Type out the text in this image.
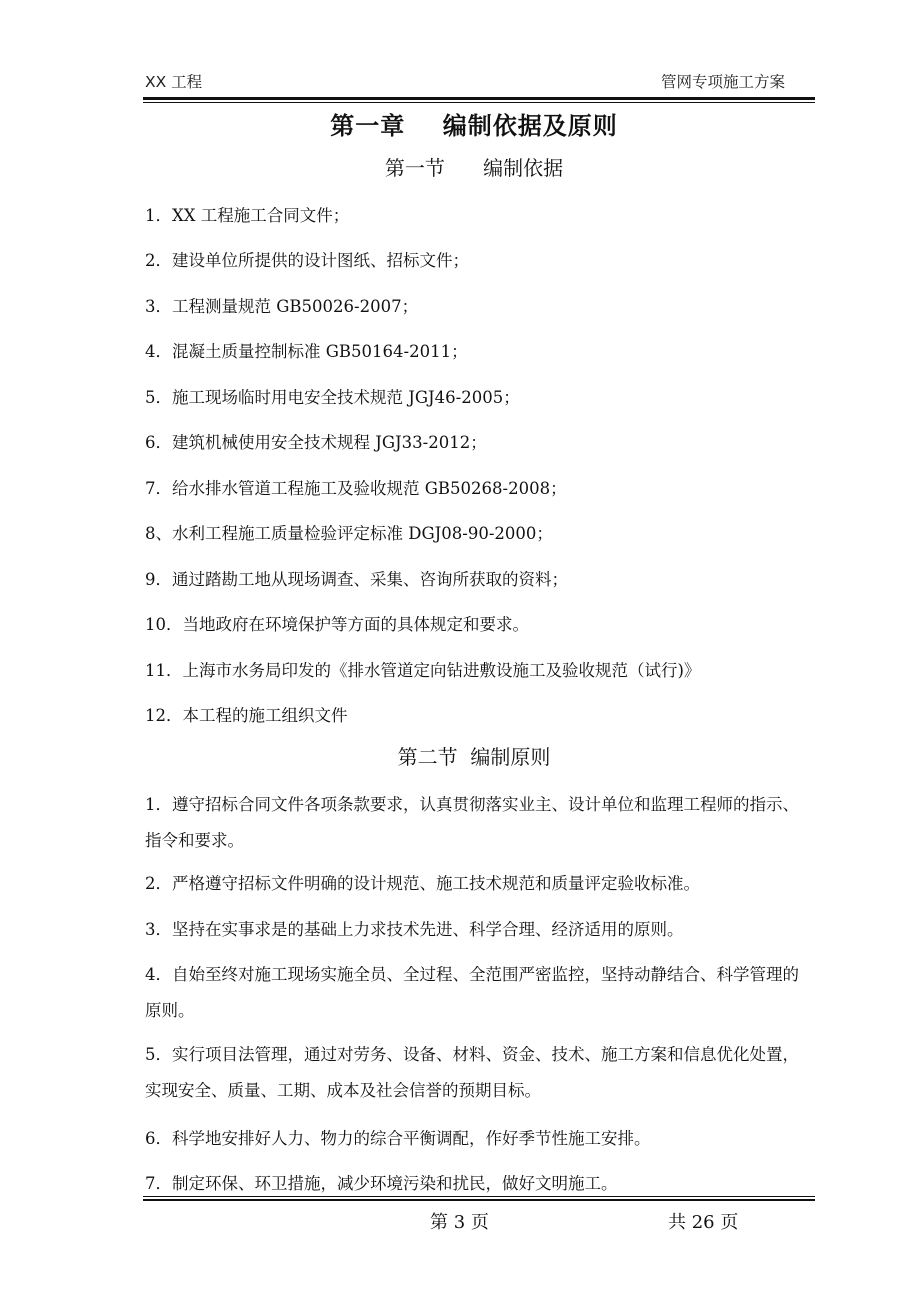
XX 工程	管网专项施工方案
第一章    编制依据及原则
第一节      编制依据

1．XX 工程施工合同文件；

2．建设单位所提供的设计图纸、招标文件；

3．工程测量规范 GB50026-2007；

4．混凝土质量控制标准 GB50164-2011；

5．施工现场临时用电安全技术规范 JGJ46-2005；

6．建筑机械使用安全技术规程 JGJ33-2012；

7．给水排水管道工程施工及验收规范 GB50268-2008；

8、水利工程施工质量检验评定标准 DGJ08-90-2000；

9．通过踏勘工地从现场调查、采集、咨询所获取的资料；

10．当地政府在环境保护等方面的具体规定和要求。

11．上海市水务局印发的《排水管道定向钻进敷设施工及验收规范（试行)》

12．本工程的施工组织文件

第二节  编制原则

1．遵守招标合同文件各项条款要求，认真贯彻落实业主、设计单位和监理工程师的指示、指令和要求。

2．严格遵守招标文件明确的设计规范、施工技术规范和质量评定验收标准。

3．坚持在实事求是的基础上力求技术先进、科学合理、经济适用的原则。

4．自始至终对施工现场实施全员、全过程、全范围严密监控，坚持动静结合、科学管理的原则。

5．实行项目法管理，通过对劳务、设备、材料、资金、技术、施工方案和信息优化处置，实现安全、质量、工期、成本及社会信誉的预期目标。

6．科学地安排好人力、物力的综合平衡调配，作好季节性施工安排。

7．制定环保、环卫措施，减少环境污染和扰民，做好文明施工。

第 3 页	共 26 页
